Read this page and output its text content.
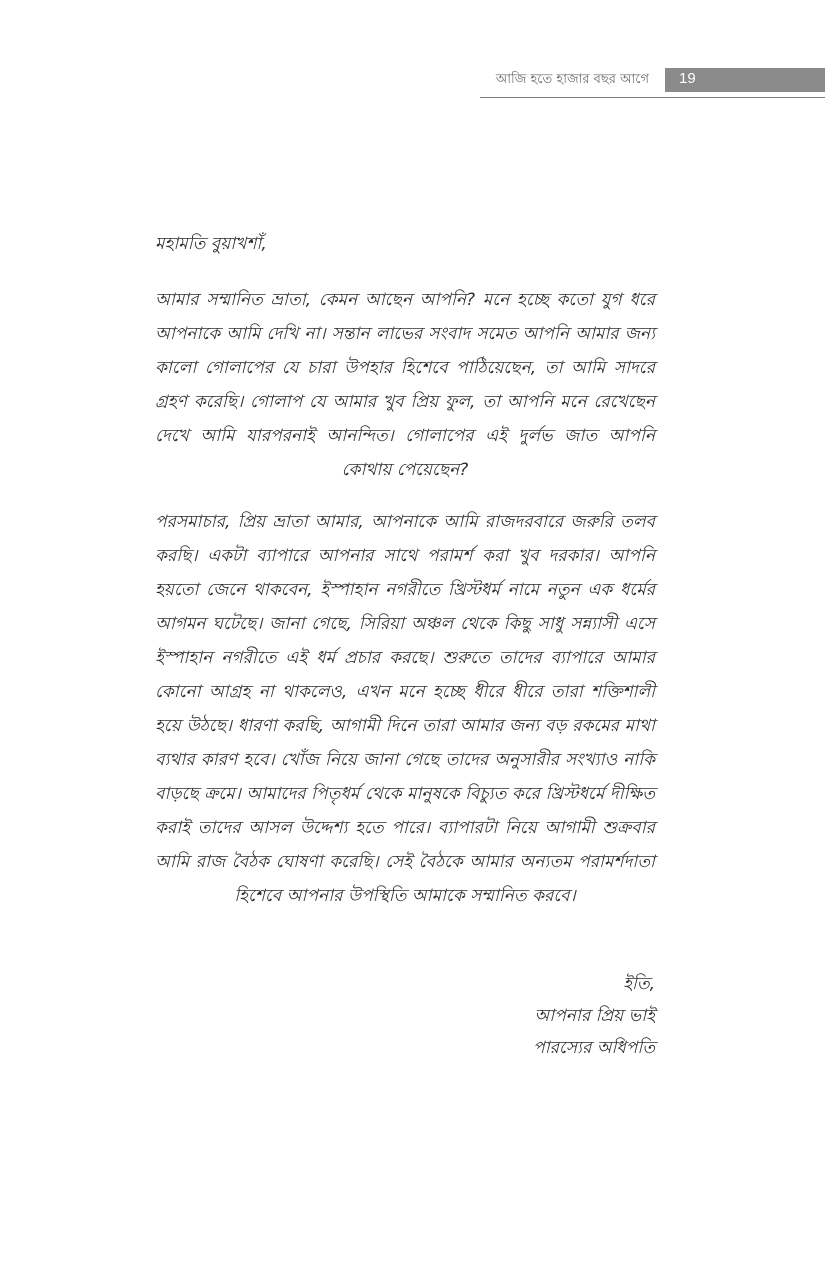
আজি হতে হাজার বছর আগে 19

মহামতি বুয়াখশাঁ,

আমার সম্মানিত ভ্রাতা, কেমন আছেন আপনি? মনে হচ্ছে কতো যুগ ধরে আপনাকে আমি দেখি না। সন্তান লাভের সংবাদ সমেত আপনি আমার জন্য কালো গোলাপের যে চারা উপহার হিশেবে পাঠিয়েছেন, তা আমি সাদরে গ্রহণ করেছি। গোলাপ যে আমার খুব প্রিয় ফুল, তা আপনি মনে রেখেছেন দেখে আমি যারপরনাই আনন্দিত। গোলাপের এই দুর্লভ জাত আপনি কোথায় পেয়েছেন?

পরসমাচার, প্রিয় ভ্রাতা আমার, আপনাকে আমি রাজদরবারে জরুরি তলব করছি। একটা ব্যাপারে আপনার সাথে পরামর্শ করা খুব দরকার। আপনি হয়তো জেনে থাকবেন, ইস্পাহান নগরীতে খ্রিস্টধর্ম নামে নতুন এক ধর্মের আগমন ঘটেছে। জানা গেছে, সিরিয়া অঞ্চল থেকে কিছু সাধু সন্ন্যাসী এসে ইস্পাহান নগরীতে এই ধর্ম প্রচার করছে। শুরুতে তাদের ব্যাপারে আমার কোনো আগ্রহ না থাকলেও, এখন মনে হচ্ছে ধীরে ধীরে তারা শক্তিশালী হয়ে উঠছে। ধারণা করছি, আগামী দিনে তারা আমার জন্য বড় রকমের মাথা ব্যথার কারণ হবে। খোঁজ নিয়ে জানা গেছে তাদের অনুসারীর সংখ্যাও নাকি বাড়ছে ক্রমে। আমাদের পিতৃধর্ম থেকে মানুষকে বিচ্যুত করে খ্রিস্টধর্মে দীক্ষিত করাই তাদের আসল উদ্দেশ্য হতে পারে। ব্যাপারটা নিয়ে আগামী শুক্রবার আমি রাজ বৈঠক ঘোষণা করেছি। সেই বৈঠকে আমার অন্যতম পরামর্শদাতা হিশেবে আপনার উপস্থিতি আমাকে সম্মানিত করবে।

ইতি,
আপনার প্রিয় ভাই
পারস্যের অধিপতি
